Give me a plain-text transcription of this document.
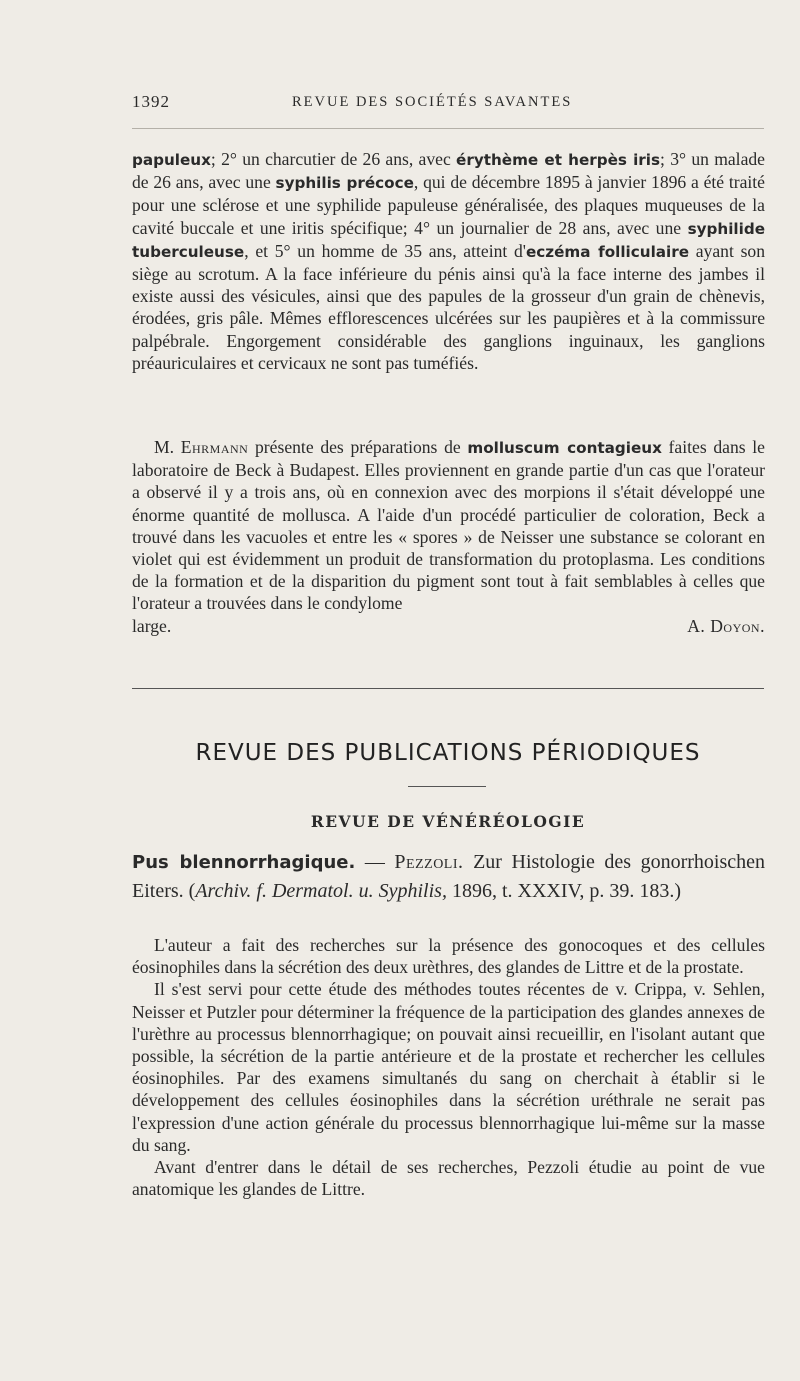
1392	REVUE DES SOCIÉTÉS SAVANTES

papuleux; 2° un charcutier de 26 ans, avec érythème et herpès iris; 3° un malade de 26 ans, avec une syphilis précoce, qui de décembre 1895 à janvier 1896 a été traité pour une sclérose et une syphilide papuleuse généralisée, des plaques muqueuses de la cavité buccale et une iritis spécifique; 4° un journalier de 28 ans, avec une syphilide tuberculeuse, et 5° un homme de 35 ans, atteint d'eczéma folliculaire ayant son siège au scrotum. A la face inférieure du pénis ainsi qu'à la face interne des jambes il existe aussi des vésicules, ainsi que des papules de la grosseur d'un grain de chènevis, érodées, gris pâle. Mêmes efflorescences ulcérées sur les paupières et à la commissure palpébrale. Engorgement considérable des ganglions inguinaux, les ganglions préauriculaires et cervicaux ne sont pas tuméfiés.

M. Ehrmann présente des préparations de molluscum contagieux faites dans le laboratoire de Beck à Budapest. Elles proviennent en grande partie d'un cas que l'orateur a observé il y a trois ans, où en connexion avec des morpions il s'était développé une énorme quantité de mollusca. A l'aide d'un procédé particulier de coloration, Beck a trouvé dans les vacuoles et entre les « spores » de Neisser une substance se colorant en violet qui est évidemment un produit de transformation du protoplasma. Les conditions de la formation et de la disparition du pigment sont tout à fait semblables à celles que l'orateur a trouvées dans le condylome

large.	A. Doyon.
REVUE DES PUBLICATIONS PÉRIODIQUES
REVUE DE VÉNÉRÉOLOGIE
Pus blennorrhagique. — Pezzoli. Zur Histologie des gonorrhoischen Eiters. (Archiv. f. Dermatol. u. Syphilis, 1896, t. XXXIV, p. 39. 183.)

L'auteur a fait des recherches sur la présence des gonocoques et des cellules éosinophiles dans la sécrétion des deux urèthres, des glandes de Littre et de la prostate.

Il s'est servi pour cette étude des méthodes toutes récentes de v. Crippa, v. Sehlen, Neisser et Putzler pour déterminer la fréquence de la participation des glandes annexes de l'urèthre au processus blennorrhagique; on pouvait ainsi recueillir, en l'isolant autant que possible, la sécrétion de la partie antérieure et de la prostate et rechercher les cellules éosinophiles. Par des examens simultanés du sang on cherchait à établir si le développement des cellules éosinophiles dans la sécrétion uréthrale ne serait pas l'expression d'une action générale du processus blennorrhagique lui-même sur la masse du sang.

Avant d'entrer dans le détail de ses recherches, Pezzoli étudie au point de vue anatomique les glandes de Littre.
